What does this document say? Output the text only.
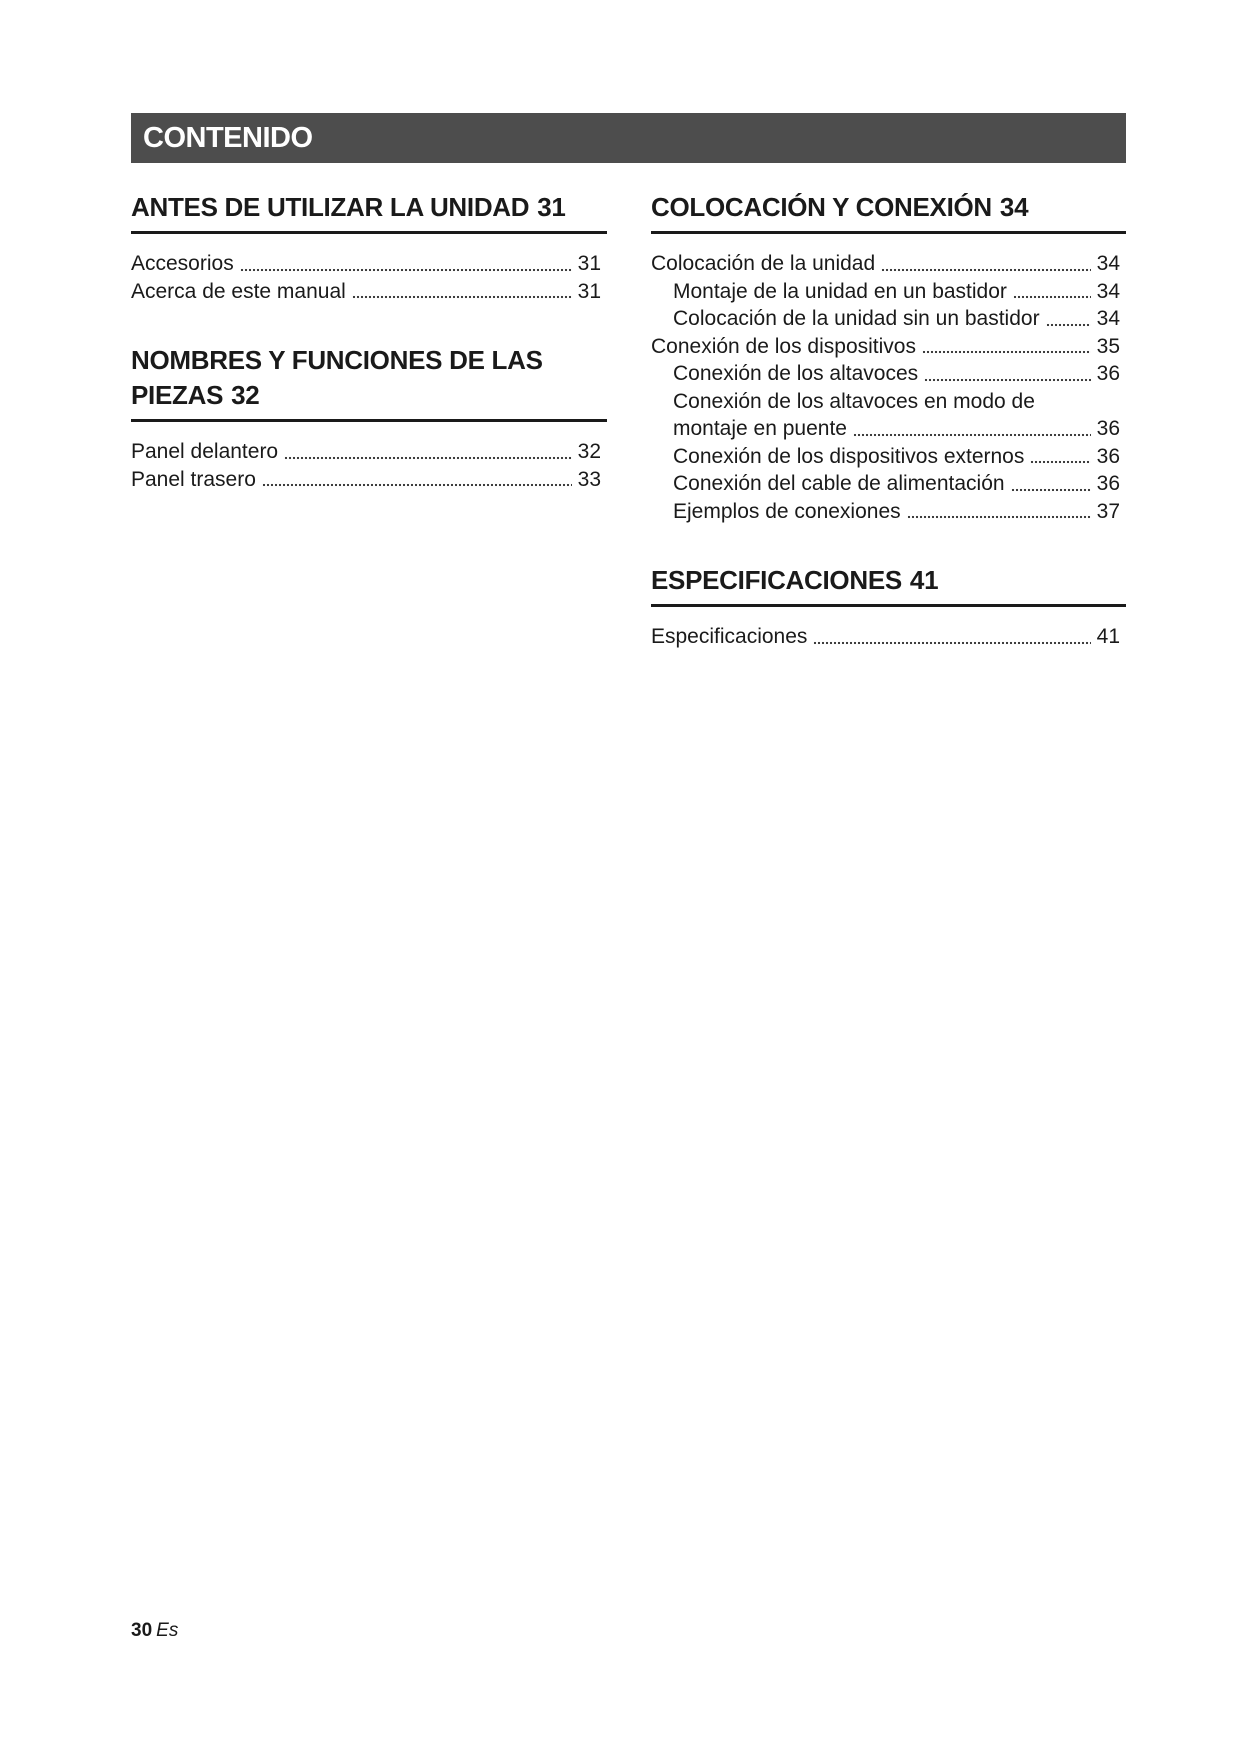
CONTENIDO
ANTES DE UTILIZAR LA UNIDAD 31
Accesorios	31
Acerca de este manual	31
NOMBRES Y FUNCIONES DE LAS PIEZAS 32
Panel delantero	32
Panel trasero	33
COLOCACIÓN Y CONEXIÓN 34
Colocación de la unidad	34
Montaje de la unidad en un bastidor	34
Colocación de la unidad sin un bastidor	34
Conexión de los dispositivos	35
Conexión de los altavoces	36
Conexión de los altavoces en modo de
montaje en puente	36
Conexión de los dispositivos externos	36
Conexión del cable de alimentación	36
Ejemplos de conexiones	37
ESPECIFICACIONES 41
Especificaciones	41
30 Es
